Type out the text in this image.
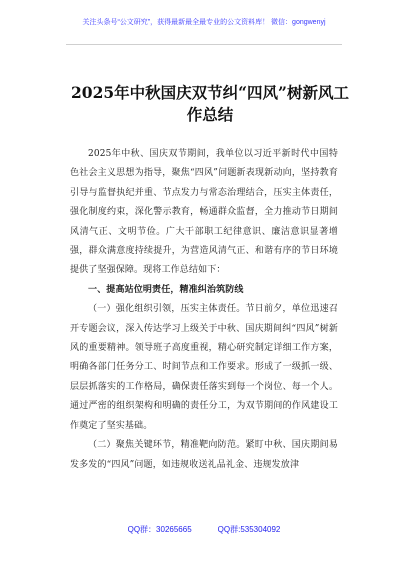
关注头条号“公文研究”，获得最新最全最专业的公文资料库！ 微信：gongwenyj
2025年中秋国庆双节纠“四风”树新风工作总结

2025年中秋、国庆双节期间，我单位以习近平新时代中国特色社会主义思想为指导，聚焦“四风”问题新表现新动向，坚持教育引导与监督执纪并重、节点发力与常态治理结合，压实主体责任，强化制度约束，深化警示教育，畅通群众监督，全力推动节日期间风清气正、文明节俭。广大干部职工纪律意识、廉洁意识显著增强，群众满意度持续提升，为营造风清气正、和谐有序的节日环境提供了坚强保障。现将工作总结如下：

一、提高站位明责任，精准纠治筑防线

（一）强化组织引领，压实主体责任。节日前夕，单位迅速召开专题会议，深入传达学习上级关于中秋、国庆期间纠“四风”树新风的重要精神。领导班子高度重视，精心研究制定详细工作方案，明确各部门任务分工、时间节点和工作要求。形成了一级抓一级、层层抓落实的工作格局，确保责任落实到每一个岗位、每一个人。通过严密的组织架构和明确的责任分工，为双节期间的作风建设工作奠定了坚实基础。

（二）聚焦关键环节，精准靶向防范。紧盯中秋、国庆期间易发多发的“四风”问题，如违规收送礼品礼金、违规发放津

QQ群：30265665	QQ群:535304092
